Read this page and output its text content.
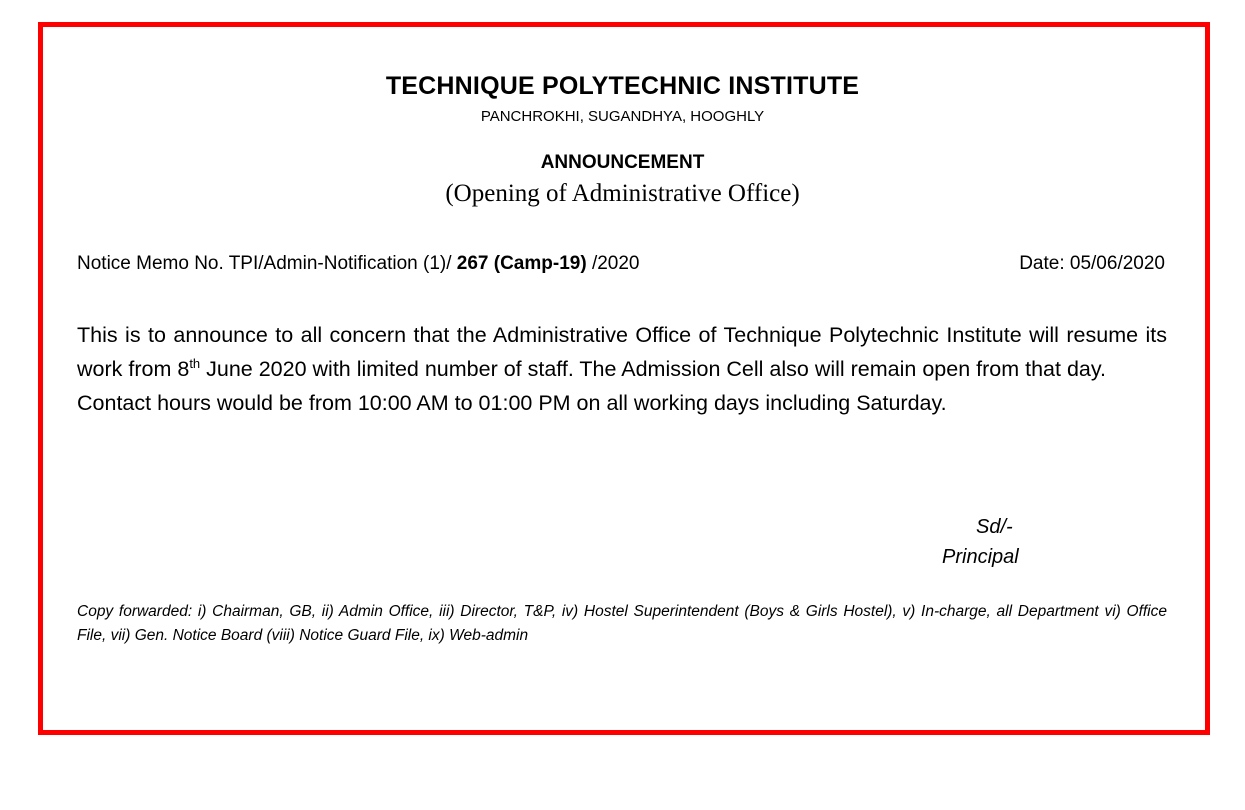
TECHNIQUE POLYTECHNIC INSTITUTE
PANCHROKHI, SUGANDHYA, HOOGHLY
ANNOUNCEMENT
(Opening of Administrative Office)
Notice Memo No. TPI/Admin-Notification (1)/ 267 (Camp-19) /2020	Date: 05/06/2020

This is to announce to all concern that the Administrative Office of Technique Polytechnic Institute will resume its work from 8th June 2020 with limited number of staff. The Admission Cell also will remain open from that day.

Contact hours would be from 10:00 AM to 01:00 PM on all working days including Saturday.

Sd/-
Principal
Copy forwarded: i) Chairman, GB, ii) Admin Office, iii) Director, T&P, iv) Hostel Superintendent (Boys & Girls Hostel), v) In-charge, all Department vi) Office File, vii) Gen. Notice Board (viii) Notice Guard File, ix) Web-admin
